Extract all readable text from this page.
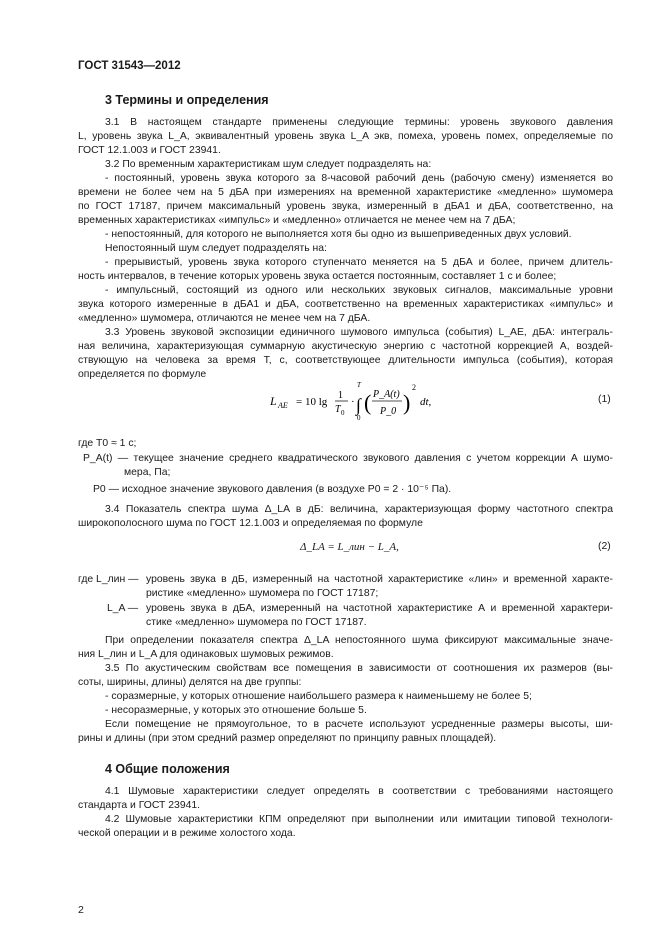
ГОСТ 31543—2012
3 Термины и определения
3.1 В настоящем стандарте применены следующие термины: уровень звукового давления
L, уровень звука L_A, эквивалентный уровень звука L_A экв, помеха, уровень помех, определяемые по
ГОСТ 12.1.003 и ГОСТ 23941.
3.2 По временным характеристикам шум следует подразделять на:
- постоянный, уровень звука которого за 8-часовой рабочий день (рабочую смену) изменяется во
времени не более чем на 5 дБА при измерениях на временной характеристике «медленно» шумомера
по ГОСТ 17187, причем максимальный уровень звука, измеренный в дБА1 и дБА, соответственно, на
временных характеристиках «импульс» и «медленно» отличается не менее чем на 7 дБА;
- непостоянный, для которого не выполняется хотя бы одно из вышеприведенных двух условий.
Непостоянный шум следует подразделять на:
- прерывистый, уровень звука которого ступенчато меняется на 5 дБА и более, причем длитель-
ность интервалов, в течение которых уровень звука остается постоянным, составляет 1 с и более;
- импульсный, состоящий из одного или нескольких звуковых сигналов, максимальные уровни
звука которого измеренные в дБА1 и дБА, соответственно на временных характеристиках «импульс» и
«медленно» шумомера, отличаются не менее чем на 7 дБА.
3.3 Уровень звуковой экспозиции единичного шумового импульса (события) L_AE, дБА: интеграль-
ная величина, характеризующая суммарную акустическую энергию с частотной коррекцией А, воздей-
ствующую на человека за время Т, с, соответствующее длительности импульса (события), которая
определяется по формуле
L AE = 10 lg
1
T 0
·
T
∫
0
( P_A(t)
P_0 )
2
dt,	(1)
где T0 ≈ 1 с;
P_A(t) — текущее значение среднего квадратического звукового давления с учетом коррекции А шумо-
мера, Па;
P0 — исходное значение звукового давления (в воздухе P0 = 2 · 10⁻⁵ Па).
3.4 Показатель спектра шума Δ_LA в дБ: величина, характеризующая форму частотного спектра
широкополосного шума по ГОСТ 12.1.003 и определяемая по формуле
Δ_LA = L_лин − L_A,	(2)
где L_лин — уровень звука в дБ, измеренный на частотной характеристике «лин» и временной характе-
ристике «медленно» шумомера по ГОСТ 17187;
L_A — уровень звука в дБА, измеренный на частотной характеристике А и временной характери-
стике «медленно» шумомера по ГОСТ 17187.
При определении показателя спектра Δ_LA непостоянного шума фиксируют максимальные значе-
ния L_лин и L_A для одинаковых шумовых режимов.
3.5 По акустическим свойствам все помещения в зависимости от соотношения их размеров (вы-
соты, ширины, длины) делятся на две группы:
- соразмерные, у которых отношение наибольшего размера к наименьшему не более 5;
- несоразмерные, у которых это отношение больше 5.
Если помещение не прямоугольное, то в расчете используют усредненные размеры высоты, ши-
рины и длины (при этом средний размер определяют по принципу равных площадей).
4 Общие положения
4.1 Шумовые характеристики следует определять в соответствии с требованиями настоящего
стандарта и ГОСТ 23941.
4.2 Шумовые характеристики КПМ определяют при выполнении или имитации типовой технологи-
ческой операции и в режиме холостого хода.
2
